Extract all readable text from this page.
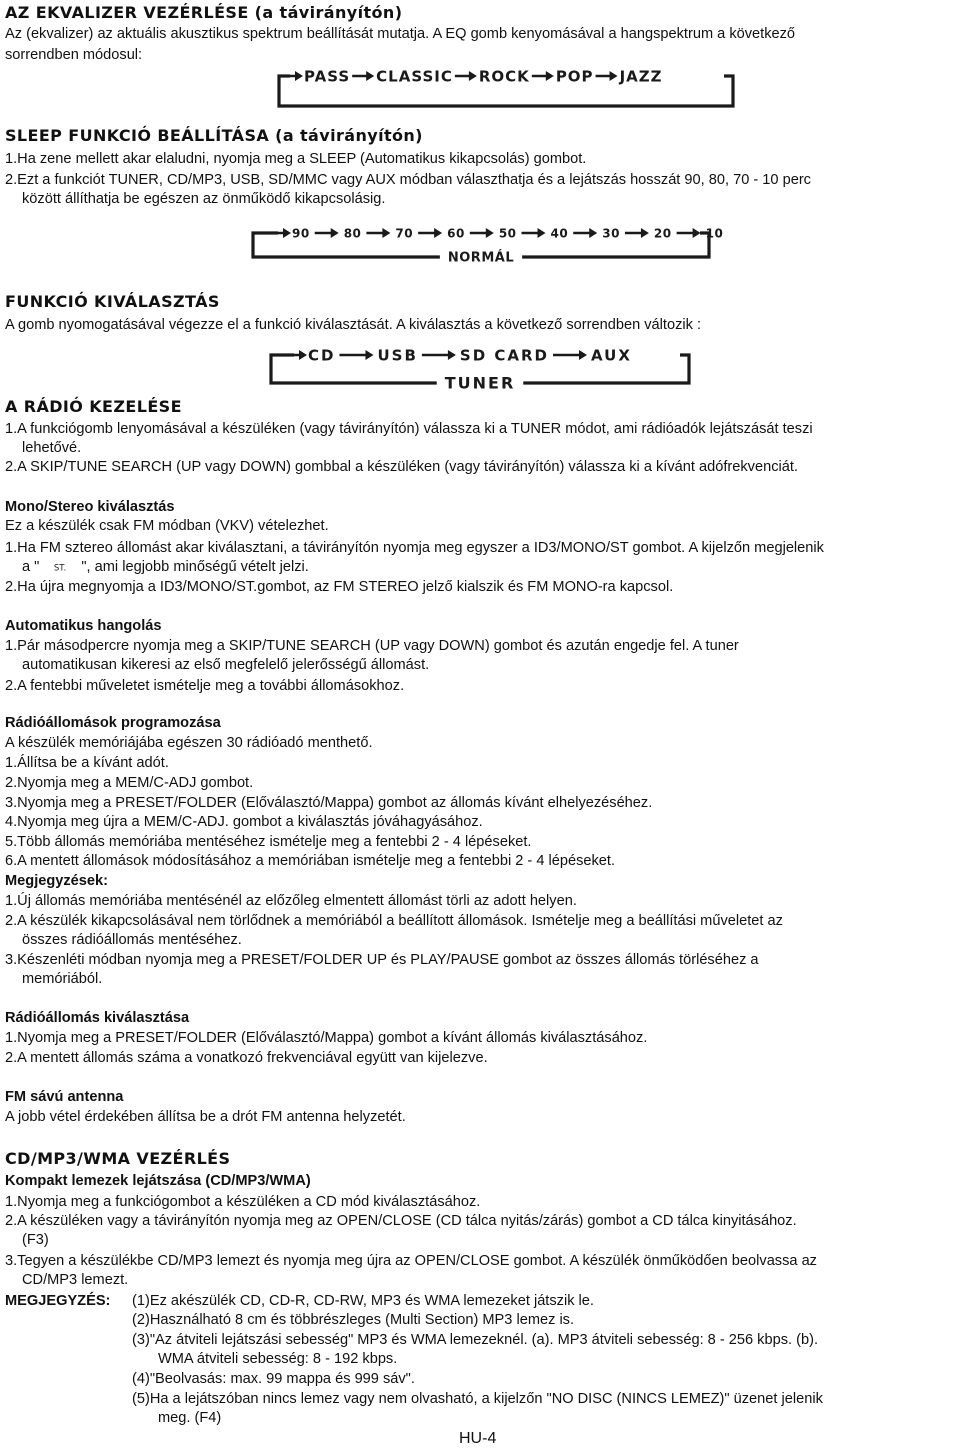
AZ EKVALIZER VEZÉRLÉSE (a távirányítón)
Az (ekvalizer) az aktuális akusztikus spektrum beállítását mutatja. A EQ gomb kenyomásával a hangspektrum a következő
sorrendben módosul:
PASS CLASSIC ROCK POP JAZZ
SLEEP FUNKCIÓ BEÁLLÍTÁSA (a távirányítón)
1.Ha zene mellett akar elaludni, nyomja meg a SLEEP (Automatikus kikapcsolás) gombot.
2.Ezt a funkciót TUNER, CD/MP3, USB, SD/MMC vagy AUX módban választhatja és a lejátszás hosszát 90, 80, 70 - 10 perc
között állíthatja be egészen az önműködő kikapcsolásig.
90	80	70	60	50	40	30	20	10
NORMÁL
FUNKCIÓ KIVÁLASZTÁS
A gomb nyomogatásával végezze el a funkció kiválasztását. A kiválasztás a következő sorrendben változik :
CD	USB	SD CARD	AUX
TUNER
A RÁDIÓ KEZELÉSE
1.A funkciógomb lenyomásával a készüléken (vagy távirányítón) válassza ki a TUNER módot, ami rádióadók lejátszását teszi
lehetővé.
2.A SKIP/TUNE SEARCH (UP vagy DOWN) gombbal a készüléken (vagy távirányítón) válassza ki a kívánt adófrekvenciát.
Mono/Stereo kiválasztás
Ez a készülék csak FM módban (VKV) vételezhet.
1.Ha FM sztereo állomást akar kiválasztani, a távirányítón nyomja meg egyszer a ID3/MONO/ST gombot. A kijelzőn megjelenik
a " ST. ", ami legjobb minőségű vételt jelzi.
2.Ha újra megnyomja a ID3/MONO/ST.gombot, az FM STEREO jelző kialszik és FM MONO-ra kapcsol.
Automatikus hangolás
1.Pár másodpercre nyomja meg a SKIP/TUNE SEARCH (UP vagy DOWN) gombot és azután engedje fel. A tuner
automatikusan kikeresi az első megfelelő jelerősségű állomást.
2.A fentebbi műveletet ismételje meg a további állomásokhoz.
Rádióállomások programozása
A készülék memóriájába egészen 30 rádióadó menthető.
1.Állítsa be a kívánt adót.
2.Nyomja meg a MEM/C-ADJ gombot.
3.Nyomja meg a PRESET/FOLDER (Előválasztó/Mappa) gombot az állomás kívánt elhelyezéséhez.
4.Nyomja meg újra a MEM/C-ADJ. gombot a kiválasztás jóváhagyásához.
5.Több állomás memóriába mentéséhez ismételje meg a fentebbi 2 - 4 lépéseket.
6.A mentett állomások módosításához a memóriában ismételje meg a fentebbi 2 - 4 lépéseket.
Megjegyzések:
1.Új állomás memóriába mentésénél az előzőleg elmentett állomást törli az adott helyen.
2.A készülék kikapcsolásával nem törlődnek a memóriából a beállított állomások. Ismételje meg a beállítási műveletet az
összes rádióállomás mentéséhez.
3.Készenléti módban nyomja meg a PRESET/FOLDER UP és PLAY/PAUSE gombot az összes állomás törléséhez a
memóriából.
Rádióállomás kiválasztása
1.Nyomja meg a PRESET/FOLDER (Előválasztó/Mappa) gombot a kívánt állomás kiválasztásához.
2.A mentett állomás száma a vonatkozó frekvenciával együtt van kijelezve.
FM sávú antenna
A jobb vétel érdekében állítsa be a drót FM antenna helyzetét.
CD/MP3/WMA VEZÉRLÉS
Kompakt lemezek lejátszása (CD/MP3/WMA)
1.Nyomja meg a funkciógombot a készüléken a CD mód kiválasztásához.
2.A készüléken vagy a távirányítón nyomja meg az OPEN/CLOSE (CD tálca nyitás/zárás) gombot a CD tálca kinyitásához.
(F3)
3.Tegyen a készülékbe CD/MP3 lemezt és nyomja meg újra az OPEN/CLOSE gombot. A készülék önműködően beolvassa az
CD/MP3 lemezt.
MEGJEGYZÉS: (1)Ez akészülék CD, CD-R, CD-RW, MP3 és WMA lemezeket játszik le.
(2)Használható 8 cm és többrészleges (Multi Section) MP3 lemez is.
(3)"Az átviteli lejátszási sebesség" MP3 és WMA lemezeknél. (a). MP3 átviteli sebesség: 8 - 256 kbps. (b).
WMA átviteli sebesség: 8 - 192 kbps.
(4)"Beolvasás: max. 99 mappa és 999 sáv".
(5)Ha a lejátszóban nincs lemez vagy nem olvasható, a kijelzőn "NO DISC (NINCS LEMEZ)" üzenet jelenik
meg. (F4)
HU-4
